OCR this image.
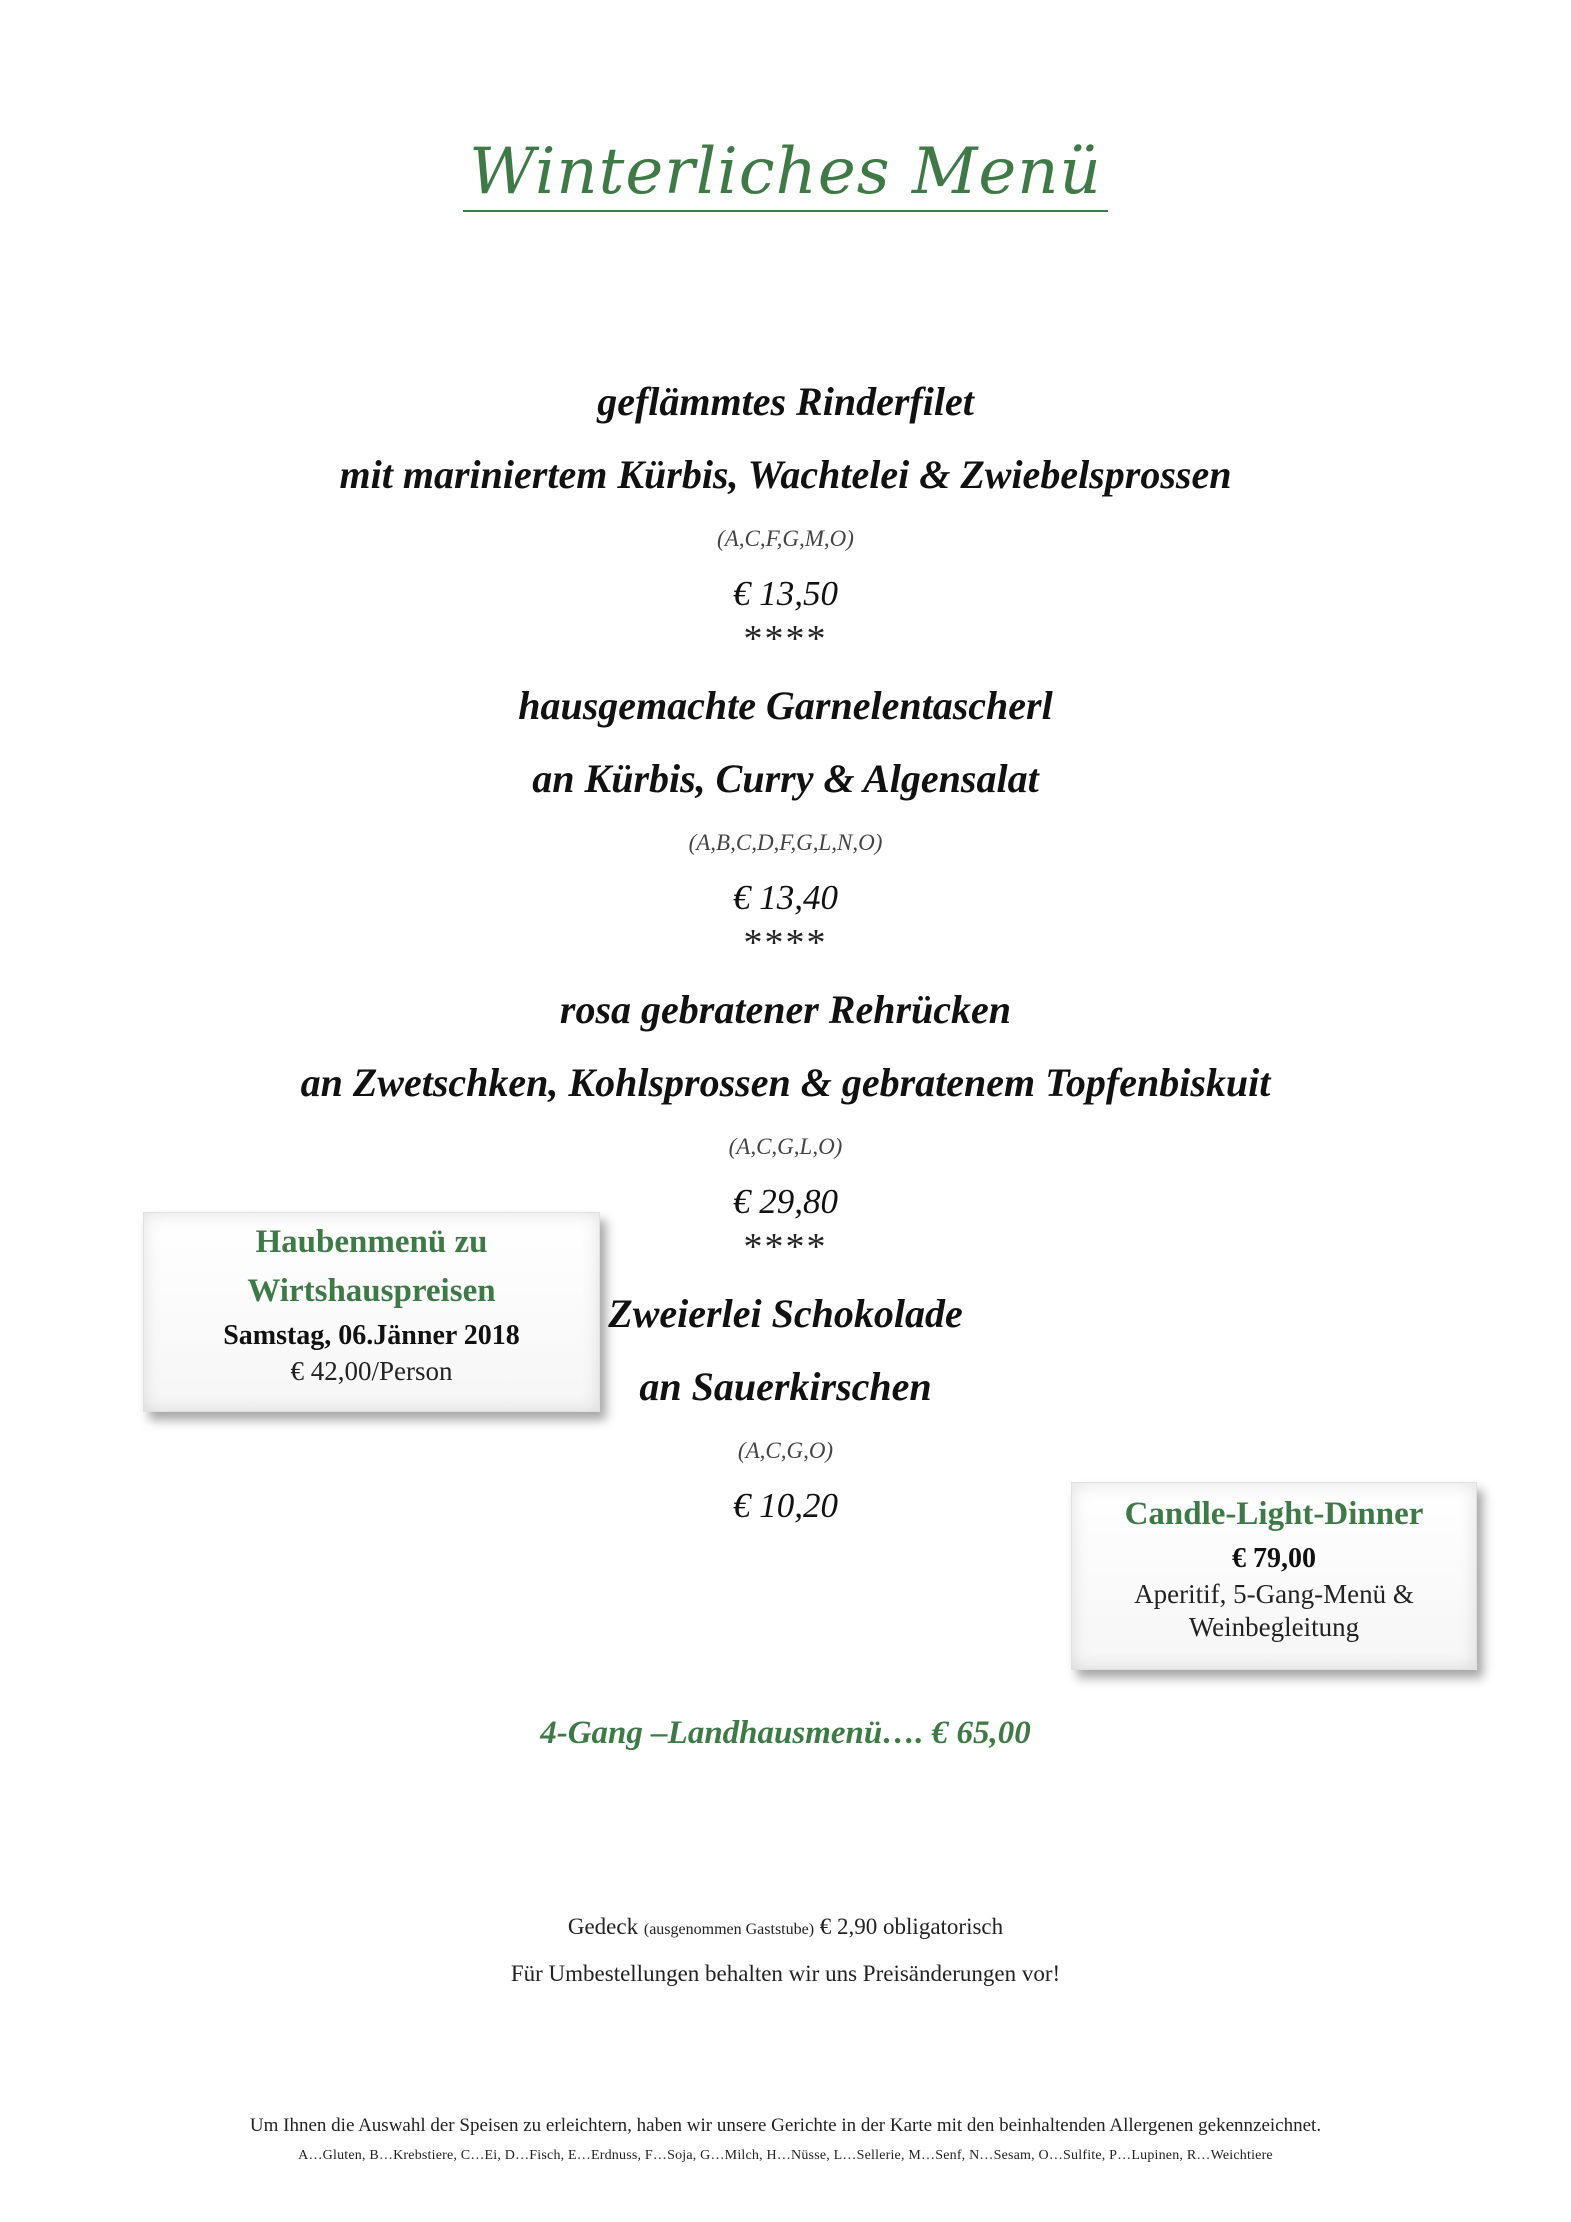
Winterliches Menü
geflämmtes Rinderfilet
mit mariniertem Kürbis, Wachtelei & Zwiebelsprossen
(A,C,F,G,M,O)
€ 13,50
****
hausgemachte Garnelentascherl
an Kürbis, Curry & Algensalat
(A,B,C,D,F,G,L,N,O)
€ 13,40
****
rosa gebratener Rehrücken
an Zwetschken, Kohlsprossen & gebratenem Topfenbiskuit
(A,C,G,L,O)
€ 29,80
****
Zweierlei Schokolade
an Sauerkirschen
(A,C,G,O)
€ 10,20
Haubenmenü zu
Wirtshauspreisen
Samstag, 06.Jänner 2018
€ 42,00/Person
Candle-Light-Dinner
€ 79,00
Aperitif, 5-Gang-Menü &
Weinbegleitung
4-Gang –Landhausmenü…. € 65,00
Gedeck (ausgenommen Gaststube) € 2,90 obligatorisch
Für Umbestellungen behalten wir uns Preisänderungen vor!
Um Ihnen die Auswahl der Speisen zu erleichtern, haben wir unsere Gerichte in der Karte mit den beinhaltenden Allergenen gekennzeichnet.
A…Gluten, B…Krebstiere, C…Ei, D…Fisch, E…Erdnuss, F…Soja, G…Milch, H…Nüsse, L…Sellerie, M…Senf, N…Sesam, O…Sulfite, P…Lupinen, R…Weichtiere
